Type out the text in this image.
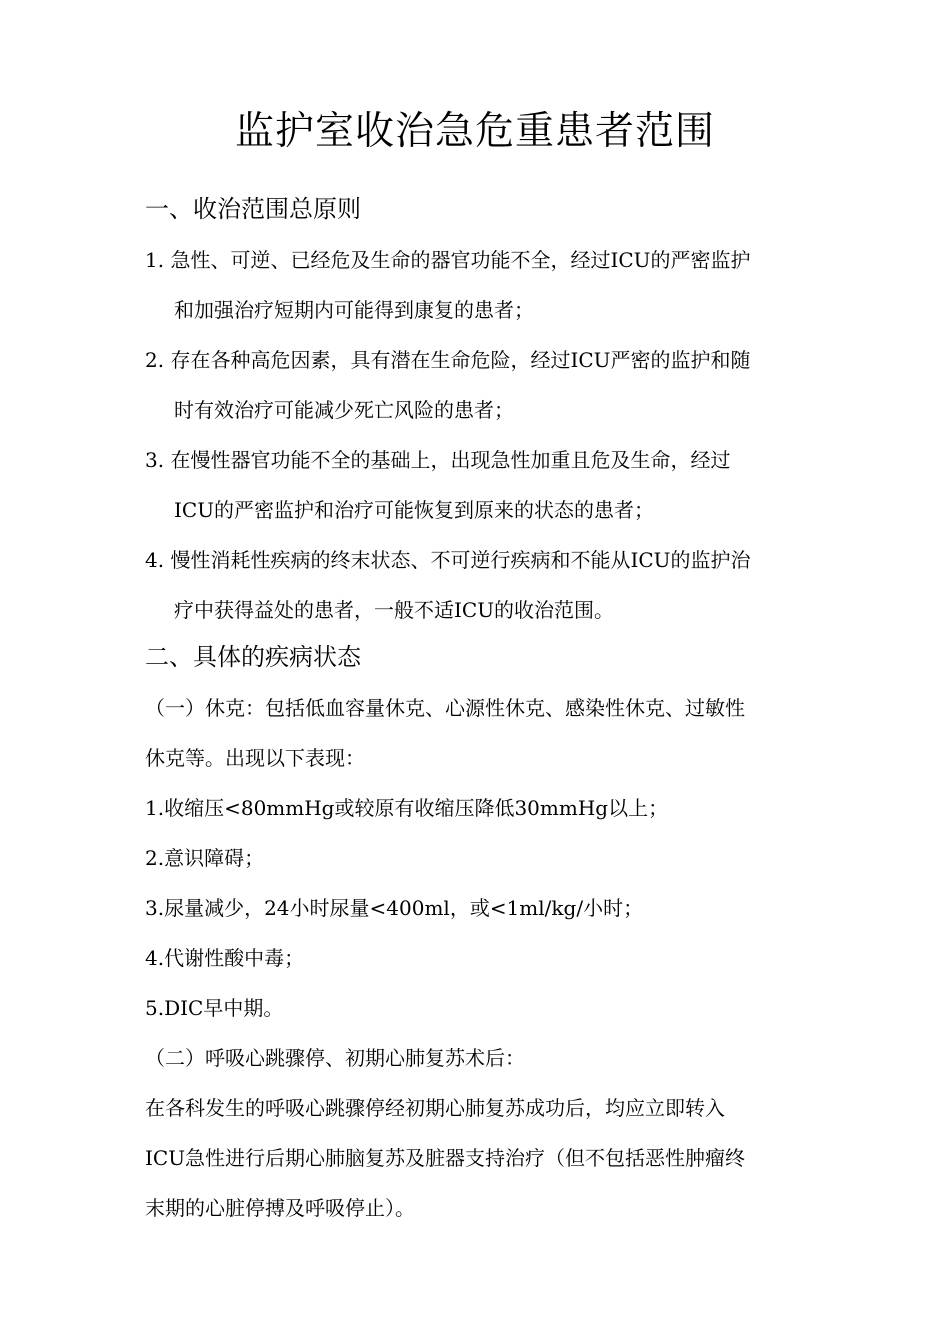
监护室收治急危重患者范围
一、收治范围总原则
1. 急性、可逆、已经危及生命的器官功能不全，经过ICU的严密监护
和加强治疗短期内可能得到康复的患者；
2. 存在各种高危因素，具有潜在生命危险，经过ICU严密的监护和随
时有效治疗可能减少死亡风险的患者；
3. 在慢性器官功能不全的基础上，出现急性加重且危及生命，经过
ICU的严密监护和治疗可能恢复到原来的状态的患者；
4. 慢性消耗性疾病的终末状态、不可逆行疾病和不能从ICU的监护治
疗中获得益处的患者，一般不适ICU的收治范围。
二、具体的疾病状态
（一）休克：包括低血容量休克、心源性休克、感染性休克、过敏性
休克等。出现以下表现：
1.收缩压<80mmHg或较原有收缩压降低30mmHg以上；
2.意识障碍；
3.尿量减少，24小时尿量<400ml，或<1ml/kg/小时；
4.代谢性酸中毒；
5.DIC早中期。
（二）呼吸心跳骤停、初期心肺复苏术后：
在各科发生的呼吸心跳骤停经初期心肺复苏成功后，均应立即转入
ICU急性进行后期心肺脑复苏及脏器支持治疗（但不包括恶性肿瘤终
末期的心脏停搏及呼吸停止）。
